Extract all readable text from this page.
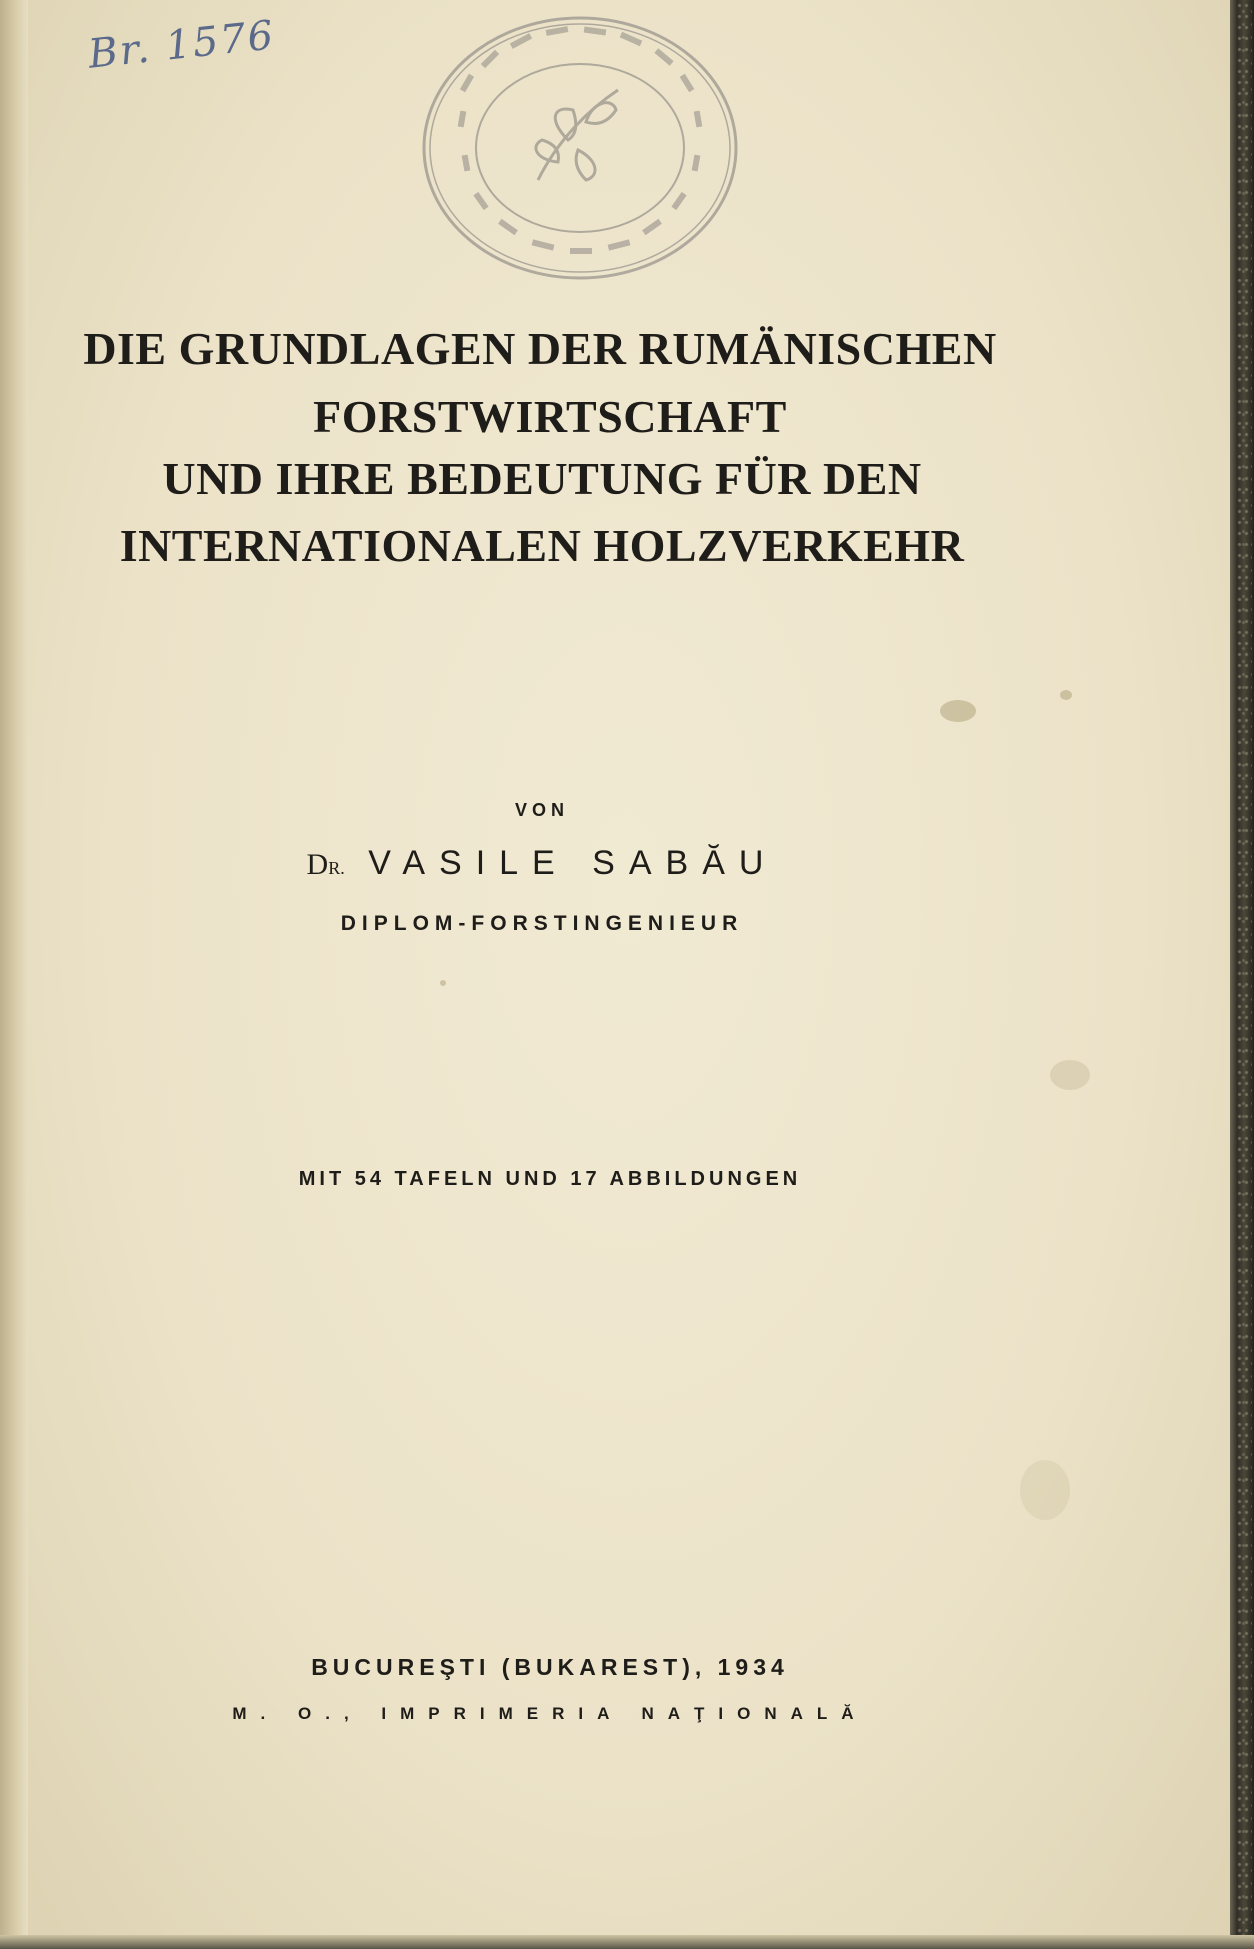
Br. 1576
DIE GRUNDLAGEN DER RUMÄNISCHEN
FORSTWIRTSCHAFT
UND IHRE BEDEUTUNG FÜR DEN
INTERNATIONALEN HOLZVERKEHR
VON
DR. VASILE SABĂU
DIPLOM-FORSTINGENIEUR
MIT 54 TAFELN UND 17 ABBILDUNGEN
BUCUREŞTI (BUKAREST), 1934
M. O., IMPRIMERIA NAŢIONALĂ
